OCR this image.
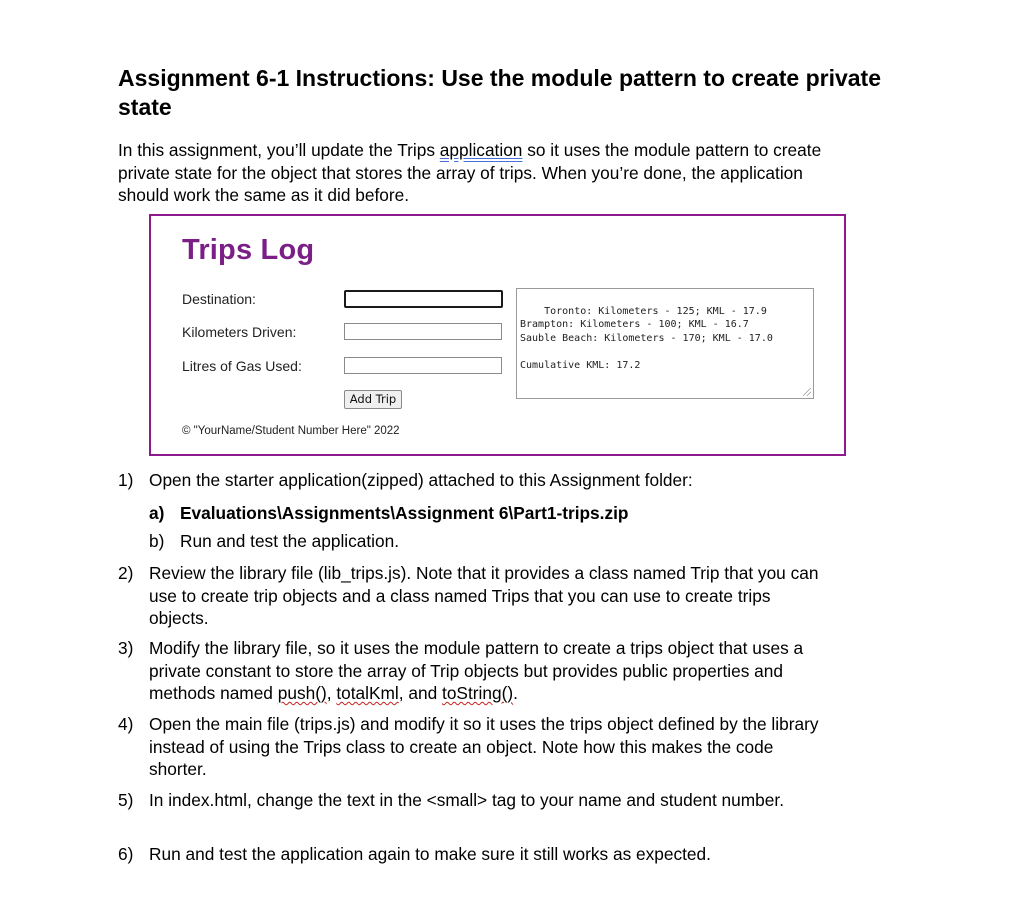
Assignment 6-1 Instructions: Use the module pattern to create private state

In this assignment, you’ll update the Trips application so it uses the module pattern to create private state for the object that stores the array of trips. When you’re done, the application should work the same as it did before.

Trips Log
Destination:
Kilometers Driven:
Litres of Gas Used:
Add Trip

Toronto: Kilometers - 125; KML - 17.9
Brampton: Kilometers - 100; KML - 16.7
Sauble Beach: Kilometers - 170; KML - 17.0

Cumulative KML: 17.2

© "YourName/Student Number Here" 2022
1) Open the starter application(zipped) attached to this Assignment folder:
a) Evaluations\Assignments\Assignment 6\Part1-trips.zip
b) Run and test the application.
2) Review the library file (lib_trips.js). Note that it provides a class named Trip that you can use to create trip objects and a class named Trips that you can use to create trips objects.
3) Modify the library file, so it uses the module pattern to create a trips object that uses a private constant to store the array of Trip objects but provides public properties and methods named push(), totalKml, and toString().
4) Open the main file (trips.js) and modify it so it uses the trips object defined by the library instead of using the Trips class to create an object. Note how this makes the code shorter.
5) In index.html, change the text in the <small> tag to your name and student number.
6) Run and test the application again to make sure it still works as expected.
